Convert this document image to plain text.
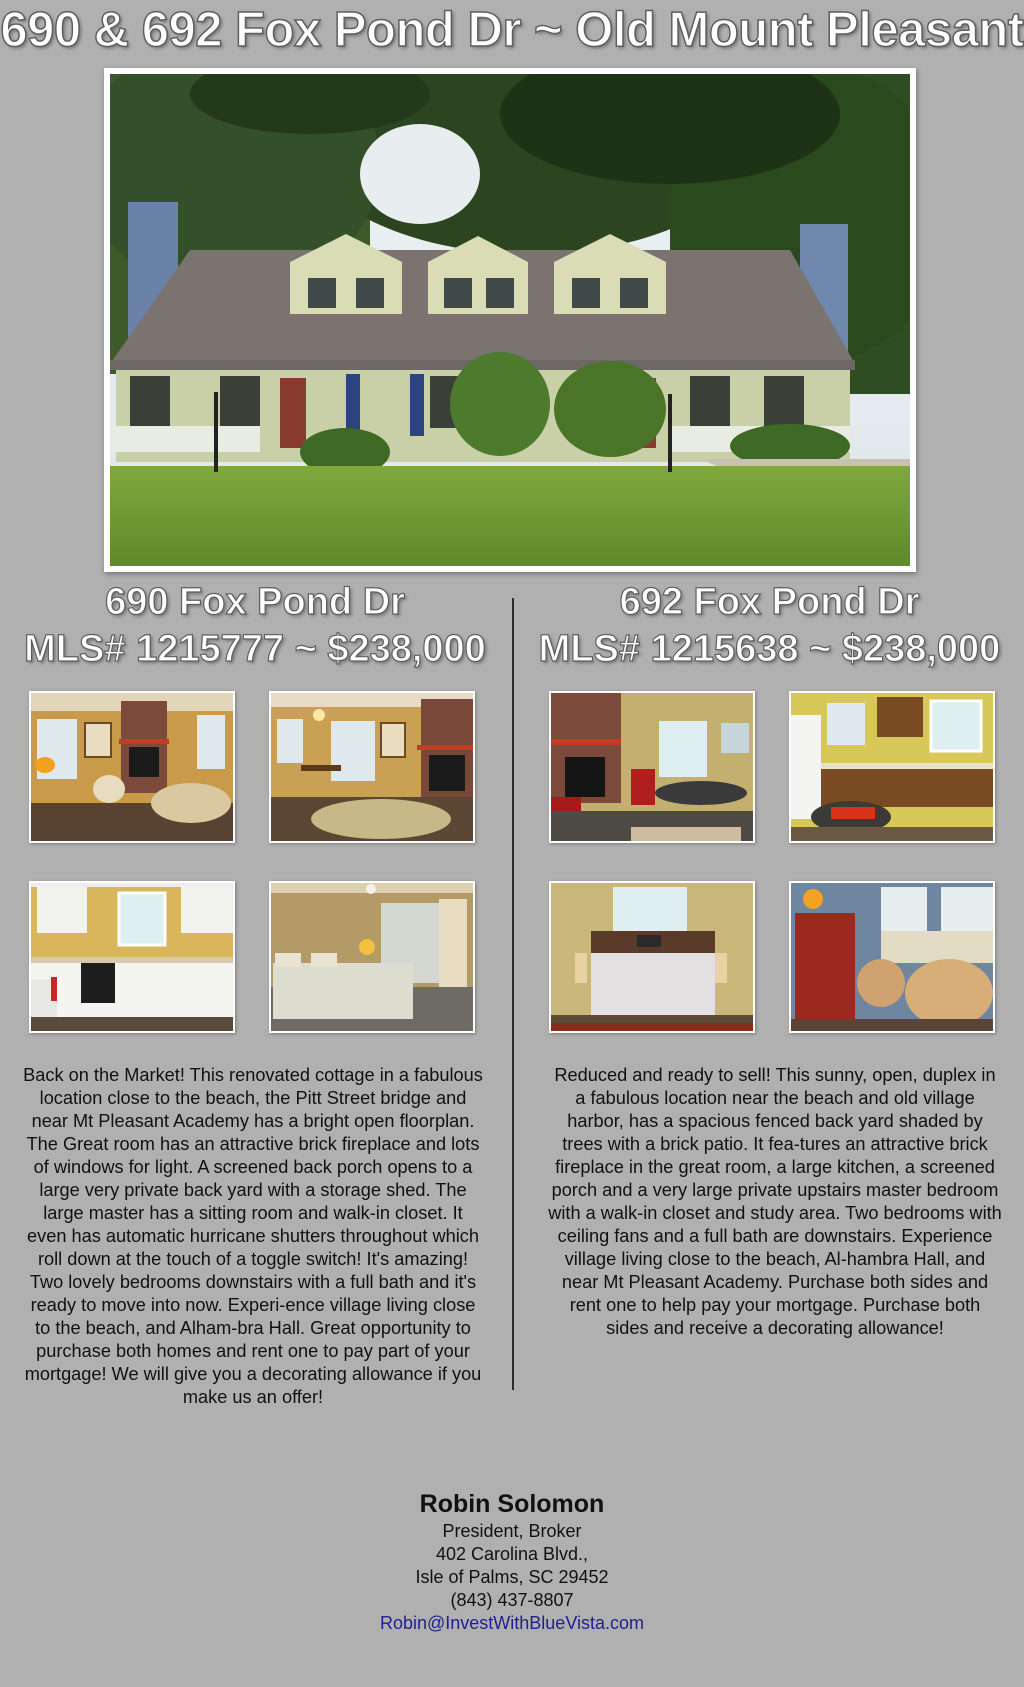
690 & 692 Fox Pond Dr ~ Old Mount Pleasant
690 Fox Pond Dr
MLS# 1215777 ~ $238,000
692 Fox Pond Dr
MLS# 1215638 ~ $238,000
Back on the Market! This renovated cottage in a fabulous location close to the beach, the Pitt Street bridge and near Mt Pleasant Academy has a bright open floorplan. The Great room has an attractive brick fireplace and lots of windows for light. A screened back porch opens to a large very private back yard with a storage shed. The large master has a sitting room and walk-in closet. It even has automatic hurricane shutters throughout which roll down at the touch of a toggle switch! It's amazing! Two lovely bedrooms downstairs with a full bath and it's ready to move into now. Experi-ence village living close to the beach, and Alham-bra Hall. Great opportunity to purchase both homes and rent one to pay part of your mortgage! We will give you a decorating allowance if you make us an offer!
Reduced and ready to sell! This sunny, open, duplex in a fabulous location near the beach and old village harbor, has a spacious fenced back yard shaded by trees with a brick patio. It fea-tures an attractive brick fireplace in the great room, a large kitchen, a screened porch and a very large private upstairs master bedroom with a walk-in closet and study area. Two bedrooms with ceiling fans and a full bath are downstairs. Experience village living close to the beach, Al-hambra Hall, and near Mt Pleasant Academy. Purchase both sides and rent one to help pay your mortgage. Purchase both sides and receive a decorating allowance!
Robin Solomon
President, Broker
402 Carolina Blvd.,
Isle of Palms, SC 29452
(843) 437-8807
Robin@InvestWithBlueVista.com
